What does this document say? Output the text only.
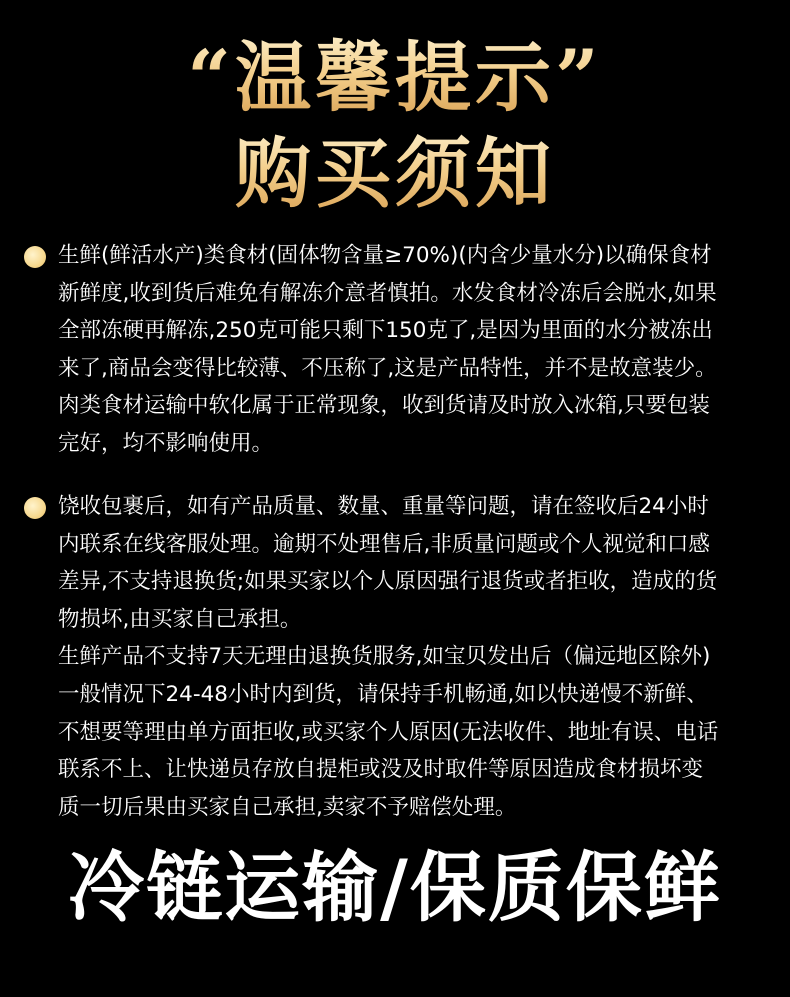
“温馨提示”
购买须知

生鲜(鲜活水产)类食材(固体物含量≥70%)(内含少量水分)以确保食材
新鲜度,收到货后难免有解冻介意者慎拍。水发食材冷冻后会脱水,如果
全部冻硬再解冻,250克可能只剩下150克了,是因为里面的水分被冻出
来了,商品会变得比较薄、不压称了,这是产品特性，并不是故意装少。
肉类食材运输中软化属于正常现象，收到货请及时放入冰箱,只要包装
完好，均不影响使用。

饶收包裹后，如有产品质量、数量、重量等问题，请在签收后24小时
内联系在线客服处理。逾期不处理售后,非质量问题或个人视觉和口感
差异,不支持退换货;如果买家以个人原因强行退货或者拒收，造成的货
物损坏,由买家自己承担。
生鲜产品不支持7天无理由退换货服务,如宝贝发出后（偏远地区除外)
一般情况下24-48小时内到货，请保持手机畅通,如以快递慢不新鲜、
不想要等理由单方面拒收,或买家个人原因(无法收件、地址有误、电话
联系不上、让快递员存放自提柜或没及时取件等原因造成食材损坏变
质一切后果由买家自己承担,卖家不予赔偿处理。

冷链运输/保质保鲜
